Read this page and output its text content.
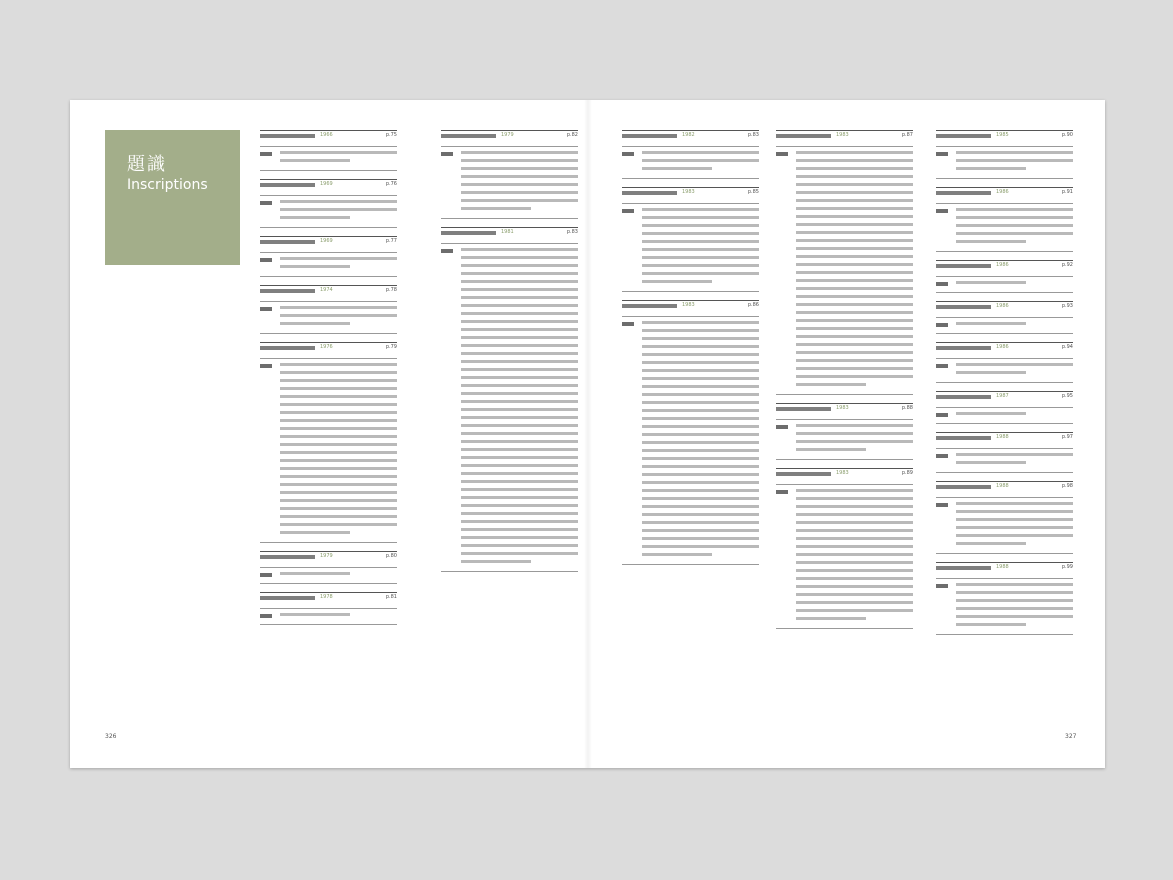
題識
Inscriptions
1966	p.75
1969	p.76
1969	p.77
1974	p.78
1976	p.79
1979	p.80
1978	p.81
1979	p.82
1981	p.83
1982	p.83
1983	p.85
1983	p.86
1983	p.87
1983	p.88
1983	p.89
1985	p.90
1986	p.91
1986	p.92
1986	p.93
1986	p.94
1987	p.95
1988	p.97
1988	p.98
1988	p.99
326	327
